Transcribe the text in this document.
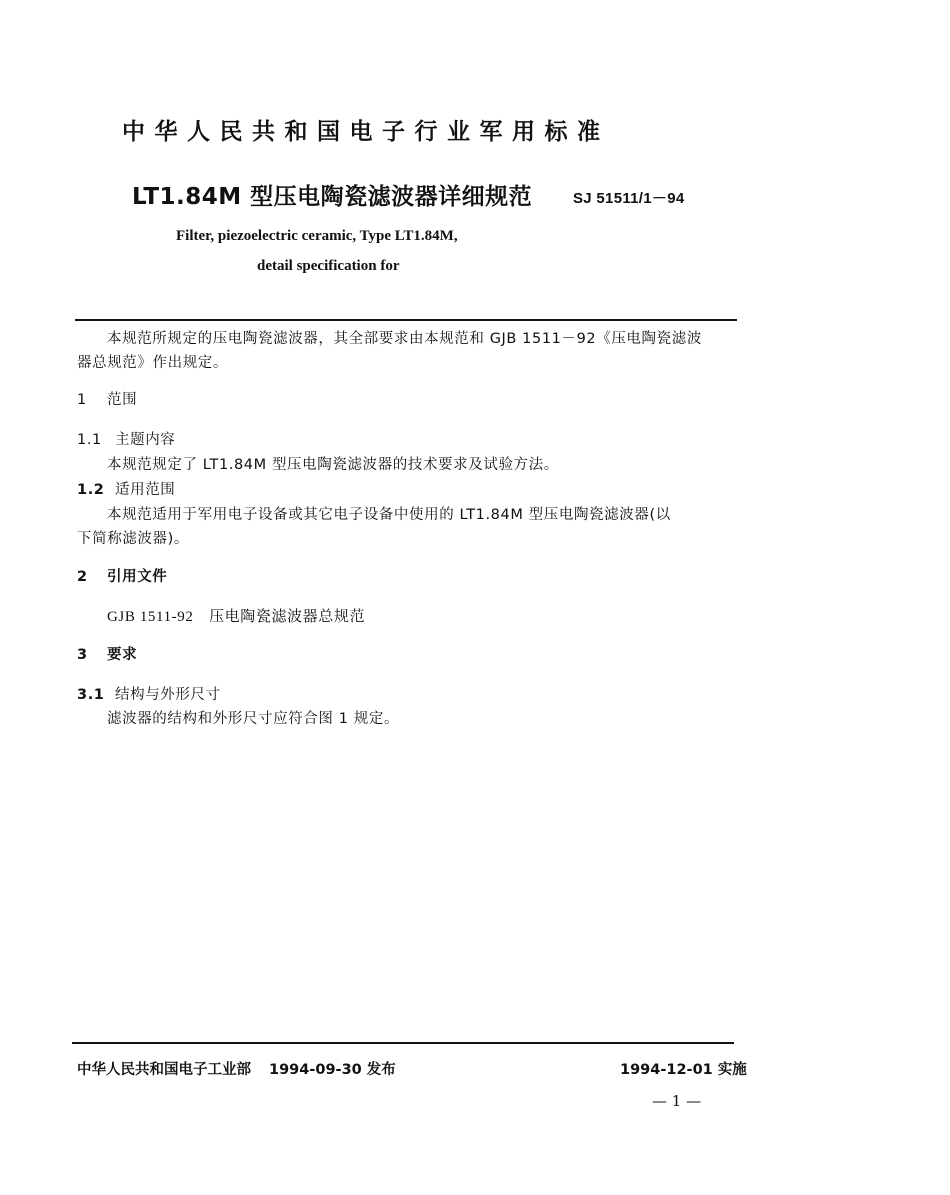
中华人民共和国电子行业军用标准
LT1.84M 型压电陶瓷滤波器详细规范	SJ 51511/1－94
Filter, piezoelectric ceramic, Type LT1.84M,
detail specification for
本规范所规定的压电陶瓷滤波器，其全部要求由本规范和 GJB 1511－92《压电陶瓷滤波
器总规范》作出规定。
1 范围
1.1 主题内容
本规范规定了 LT1.84M 型压电陶瓷滤波器的技术要求及试验方法。
1.2 适用范围
本规范适用于军用电子设备或其它电子设备中使用的 LT1.84M 型压电陶瓷滤波器(以
下简称滤波器)。
2 引用文件
GJB 1511-92　压电陶瓷滤波器总规范
3 要求
3.1 结构与外形尺寸
滤波器的结构和外形尺寸应符合图 1 规定。
中华人民共和国电子工业部 1994-09-30 发布	1994-12-01 实施
— 1 —
